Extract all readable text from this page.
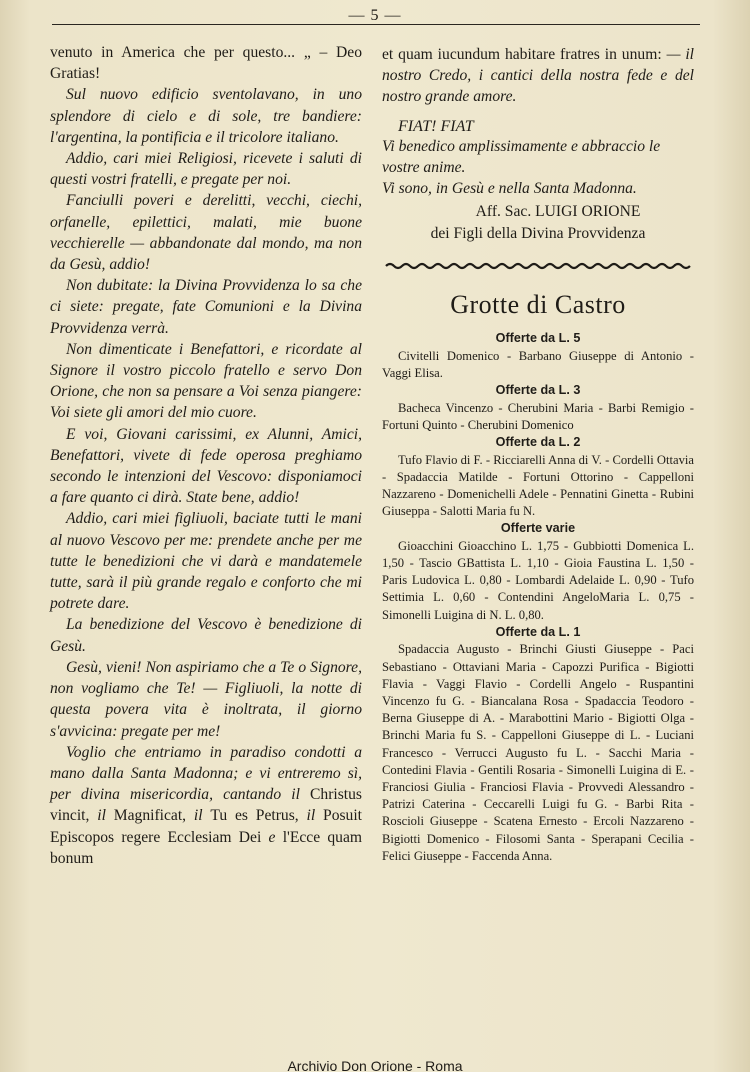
— 5 —

venuto in America che per questo... „ – Deo Gratias!

Sul nuovo edificio sventolavano, in uno splendore di cielo e di sole, tre bandiere: l'argentina, la pontificia e il tricolore italiano.

Addio, cari miei Religiosi, ricevete i saluti di questi vostri fratelli, e pregate per noi.

Fanciulli poveri e derelitti, vecchi, ciechi, orfanelle, epilettici, malati, mie buone vecchierelle — abbandonate dal mondo, ma non da Gesù, addio!

Non dubitate: la Divina Provvidenza lo sa che ci siete: pregate, fate Comunioni e la Divina Provvidenza verrà.

Non dimenticate i Benefattori, e ricordate al Signore il vostro piccolo fratello e servo Don Orione, che non sa pensare a Voi senza piangere: Voi siete gli amori del mio cuore.

E voi, Giovani carissimi, ex Alunni, Amici, Benefattori, vivete di fede operosa preghiamo secondo le intenzioni del Vescovo: disponiamoci a fare quanto ci dirà. State bene, addio!

Addio, cari miei figliuoli, baciate tutti le mani al nuovo Vescovo per me: prendete anche per me tutte le benedizioni che vi darà e mandatemele tutte, sarà il più grande regalo e conforto che mi potrete dare.

La benedizione del Vescovo è benedizione di Gesù.

Gesù, vieni! Non aspiriamo che a Te o Signore, non vogliamo che Te! — Figliuoli, la notte di questa povera vita è inoltrata, il giorno s'avvicina: pregate per me!

Voglio che entriamo in paradiso condotti a mano dalla Santa Madonna; e vi entreremo sì, per divina misericordia, cantando il Christus vincit, il Magnificat, il Tu es Petrus, il Posuit Episcopos regere Ecclesiam Dei e l'Ecce quam bonum

et quam iucundum habitare fratres in unum: — il nostro Credo, i cantici della nostra fede e del nostro grande amore.

FIAT! FIAT

Vi benedico amplissimamente e abbraccio le vostre anime.

Vi sono, in Gesù e nella Santa Madonna.

Aff. Sac. LUIGI ORIONE
dei Figli della Divina Provvidenza
Grotte di Castro
Offerte da L. 5

Civitelli Domenico - Barbano Giuseppe di Antonio - Vaggi Elisa.

Offerte da L. 3

Bacheca Vincenzo - Cherubini Maria - Barbi Remigio - Fortuni Quinto - Cherubini Domenico

Offerte da L. 2

Tufo Flavio di F. - Ricciarelli Anna di V. - Cordelli Ottavia - Spadaccia Matilde - Fortuni Ottorino - Cappelloni Nazzareno - Domenichelli Adele - Pennatini Ginetta - Rubini Giuseppa - Salotti Maria fu N.

Offerte varie

Gioacchini Gioacchino L. 1,75 - Gubbiotti Domenica L. 1,50 - Tascio GBattista L. 1,10 - Gioia Faustina L. 1,50 - Paris Ludovica L. 0,80 - Lombardi Adelaide L. 0,90 - Tufo Settimia L. 0,60 - Contendini AngeloMaria L. 0,75 - Simonelli Luigina di N. L. 0,80.

Offerte da L. 1

Spadaccia Augusto - Brinchi Giusti Giuseppe - Paci Sebastiano - Ottaviani Maria - Capozzi Purifica - Bigiotti Flavia - Vaggi Flavio - Cordelli Angelo - Ruspantini Vincenzo fu G. - Biancalana Rosa - Spadaccia Teodoro - Berna Giuseppe di A. - Marabottini Mario - Bigiotti Olga - Brinchi Maria fu S. - Cappelloni Giuseppe di L. - Luciani Francesco - Verrucci Augusto fu L. - Sacchi Maria - Contedini Flavia - Gentili Rosaria - Simonelli Luigina di E. - Franciosi Giulia - Franciosi Flavia - Provvedi Alessandro - Patrizi Caterina - Ceccarelli Luigi fu G. - Barbi Rita - Roscioli Giuseppe - Scatena Ernesto - Ercoli Nazzareno - Bigiotti Domenico - Filosomi Santa - Sperapani Cecilia - Felici Giuseppe - Faccenda Anna.

Archivio Don Orione - Roma
